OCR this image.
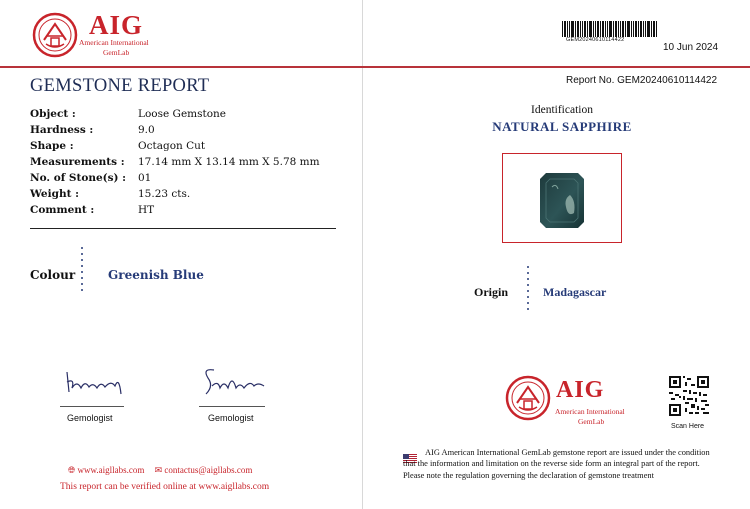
AIG
American International
GemLab
GEMSTONE REPORT
Object :	Loose Gemstone
Hardness :	9.0
Shape :	Octagon Cut
Measurements : 17.14 mm X 13.14 mm X 5.78 mm
No. of Stone(s) : 01
Weight :	15.23 cts.
Comment :	HT
Colour	Greenish Blue
Gemologist	Gemologist
🌐︎ www.aigllabs.com ✉ contactus@aigllabs.com
This report can be verified online at www.aigllabs.com
GEM20240610114422
10 Jun 2024
Report No. GEM20240610114422
Identification
NATURAL SAPPHIRE
Origin	Madagascar
AIG
American International
GemLab
Scan Here
AIG American International GemLab gemstone report are issued under the condition that the information and limitation on the reverse side form an integral part of the report. Please note the regulation governing the declaration of gemstone treatment
